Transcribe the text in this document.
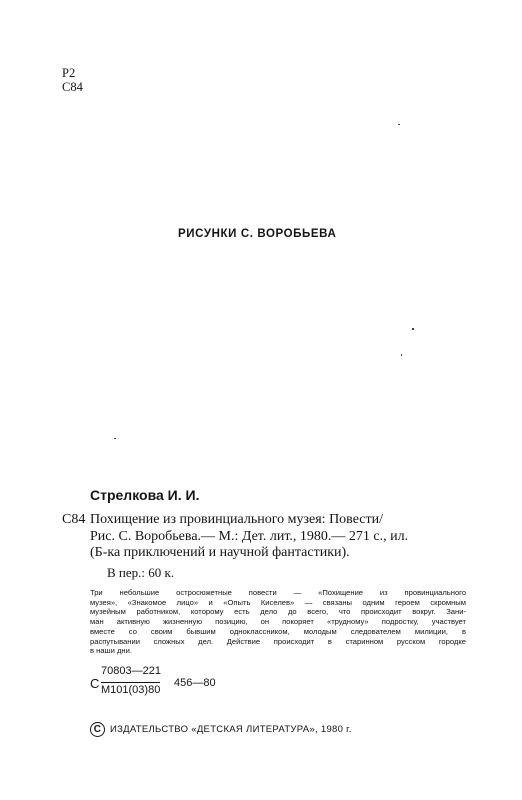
Р2
С84
РИСУНКИ С. ВОРОБЬЕВА
Стрелкова И. И.
С84 Похищение из провинциального музея: Повести/
Рис. С. Воробьева.— М.: Дет. лит., 1980.— 271 с., ил.
(Б-ка приключений и научной фантастики).
В пер.: 60 к.
Три небольшие остросюжетные повести — «Похищение из провинциального
музея», «Знакомое лицо» и «Опыть Киселев» — связаны одним героем скромным
музейным работником, которому есть дело до всего, что происходит вокруг. Зани-
ман активную жизненную позицию, он покоряет «трудному» подростку, участвует
вместе со своим бывшим одноклассником, молодым следователем милиции, в
распутывании сложных дел. Действие происходит в старинном русском городке
в наши дни.
С
70803—221
М101(03)80
456—80
C ИЗДАТЕЛЬСТВО «ДЕТСКАЯ ЛИТЕРАТУРА», 1980 г.
